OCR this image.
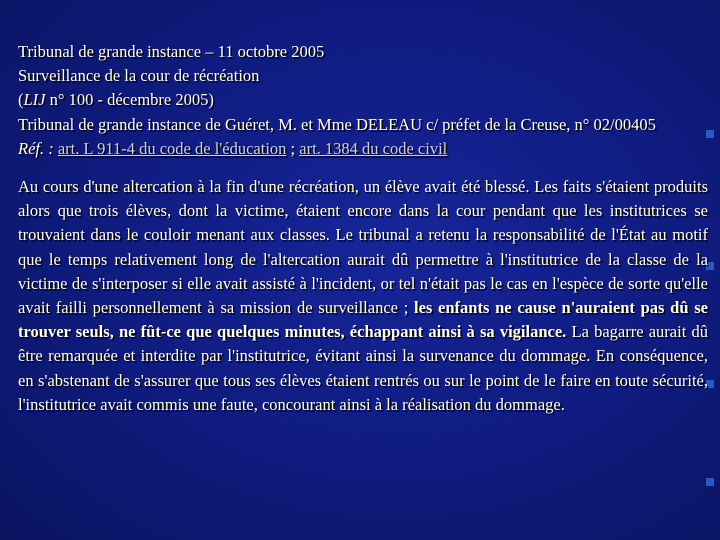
Tribunal de grande instance – 11 octobre 2005
Surveillance de la cour de récréation
(LIJ n° 100 - décembre 2005)
Tribunal de grande instance de Guéret, M. et Mme DELEAU c/ préfet de la Creuse, n° 02/00405
Réf. : art. L 911-4 du code de l'éducation ; art. 1384 du code civil
Au cours d'une altercation à la fin d'une récréation, un élève avait été blessé. Les faits s'étaient produits alors que trois élèves, dont la victime, étaient encore dans la cour pendant que les institutrices se trouvaient dans le couloir menant aux classes. Le tribunal a retenu la responsabilité de l'État au motif que le temps relativement long de l'altercation aurait dû permettre à l'institutrice de la classe de la victime de s'interposer si elle avait assisté à l'incident, or tel n'était pas le cas en l'espèce de sorte qu'elle avait failli personnellement à sa mission de surveillance ; les enfants ne cause n'auraient pas dû se trouver seuls, ne fût-ce que quelques minutes, échappant ainsi à sa vigilance. La bagarre aurait dû être remarquée et interdite par l'institutrice, évitant ainsi la survenance du dommage. En conséquence, en s'abstenant de s'assurer que tous ses élèves étaient rentrés ou sur le point de le faire en toute sécurité, l'institutrice avait commis une faute, concourant ainsi à la réalisation du dommage.
